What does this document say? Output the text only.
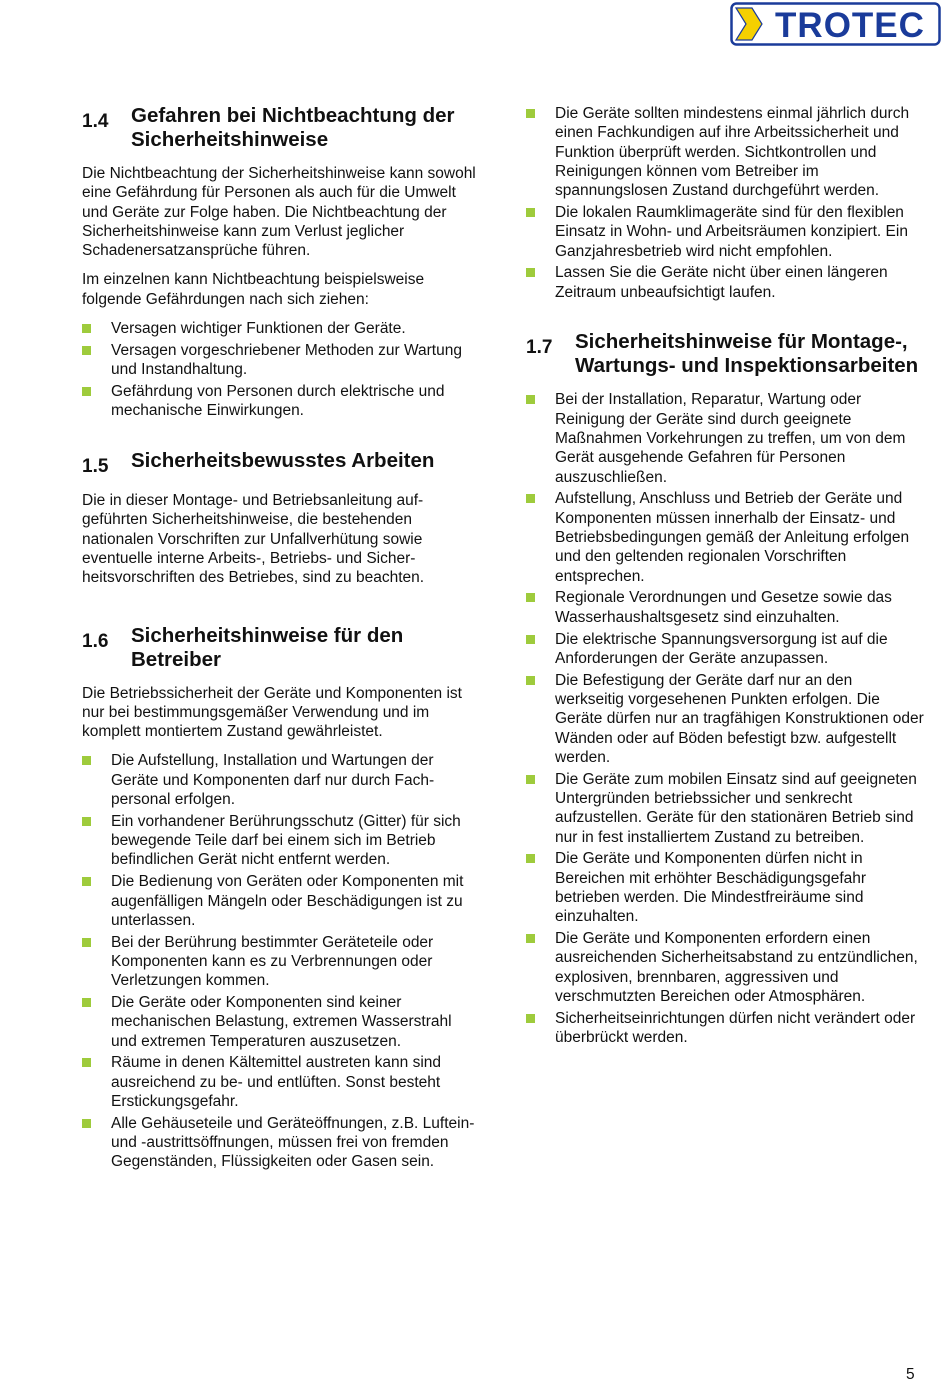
TROTEC
1.4	Gefahren bei Nichtbeachtung der Sicherheitshinweise

Die Nichtbeachtung der Sicherheitshinweise kann sowohl eine Gefährdung für Personen als auch für die Umwelt und Geräte zur Folge haben. Die Nichtbeachtung der Sicherheitshinweise kann zum Verlust jeglicher Schadenersatzansprüche führen.

Im einzelnen kann Nichtbeachtung beispielsweise folgende Gefährdungen nach sich ziehen:

Versagen wichtiger Funktionen der Geräte.
Versagen vorgeschriebener Methoden zur Wartung und Instandhaltung.
Gefährdung von Personen durch elektrische und mechanische Einwirkungen.
1.5	Sicherheitsbewusstes Arbeiten

Die in dieser Montage- und Betriebsanleitung aufgeführten Sicherheitshinweise, die bestehenden nationalen Vorschriften zur Unfallverhütung sowie eventuelle interne Arbeits-, Betriebs- und Sicherheitsvorschriften des Betriebes, sind zu beachten.

1.6	Sicherheitshinweise für den Betreiber

Die Betriebssicherheit der Geräte und Komponenten ist nur bei bestimmungsgemäßer Verwendung und im komplett montiertem Zustand gewährleistet.

Die Aufstellung, Installation und Wartungen der Geräte und Komponenten darf nur durch Fachpersonal erfolgen.
Ein vorhandener Berührungsschutz (Gitter) für sich bewegende Teile darf bei einem sich im Betrieb befindlichen Gerät nicht entfernt werden.
Die Bedienung von Geräten oder Komponenten mit augenfälligen Mängeln oder Beschädigungen ist zu unterlassen.
Bei der Berührung bestimmter Geräteteile oder Komponenten kann es zu Verbrennungen oder Verletzungen kommen.
Die Geräte oder Komponenten sind keiner mechanischen Belastung, extremen Wasserstrahl und extremen Temperaturen auszusetzen.
Räume in denen Kältemittel austreten kann sind ausreichend zu be- und entlüften. Sonst besteht Erstickungsgefahr.
Alle Gehäuseteile und Geräteöffnungen, z.B. Luftein- und -austrittsöffnungen, müssen frei von fremden Gegenständen, Flüssigkeiten oder Gasen sein.
Die Geräte sollten mindestens einmal jährlich durch einen Fachkundigen auf ihre Arbeitssicherheit und Funktion überprüft werden. Sichtkontrollen und Reinigungen können vom Betreiber im spannungslosen Zustand durchgeführt werden.
Die lokalen Raumklimageräte sind für den flexiblen Einsatz in Wohn- und Arbeitsräumen konzipiert. Ein Ganzjahresbetrieb wird nicht empfohlen.
Lassen Sie die Geräte nicht über einen längeren Zeitraum unbeaufsichtigt laufen.
1.7	Sicherheitshinweise für Montage-, Wartungs- und Inspektionsarbeiten
Bei der Installation, Reparatur, Wartung oder Reinigung der Geräte sind durch geeignete Maßnahmen Vorkehrungen zu treffen, um von dem Gerät ausgehende Gefahren für Personen auszuschließen.
Aufstellung, Anschluss und Betrieb der Geräte und Komponenten müssen innerhalb der Einsatz- und Betriebsbedingungen gemäß der Anleitung erfolgen und den geltenden regionalen Vorschriften entsprechen.
Regionale Verordnungen und Gesetze sowie das Wasserhaushaltsgesetz sind einzuhalten.
Die elektrische Spannungsversorgung ist auf die Anforderungen der Geräte anzupassen.
Die Befestigung der Geräte darf nur an den werkseitig vorgesehenen Punkten erfolgen. Die Geräte dürfen nur an tragfähigen Konstruktionen oder Wänden oder auf Böden befestigt bzw. aufgestellt werden.
Die Geräte zum mobilen Einsatz sind auf geeigneten Untergründen betriebssicher und senkrecht aufzustellen. Geräte für den stationären Betrieb sind nur in fest installiertem Zustand zu betreiben.
Die Geräte und Komponenten dürfen nicht in Bereichen mit erhöhter Beschädigungsgefahr betrieben werden. Die Mindestfreiräume sind einzuhalten.
Die Geräte und Komponenten erfordern einen ausreichenden Sicherheitsabstand zu entzündlichen, explosiven, brennbaren, aggressiven und verschmutzten Bereichen oder Atmosphären.
Sicherheitseinrichtungen dürfen nicht verändert oder überbrückt werden.
5
